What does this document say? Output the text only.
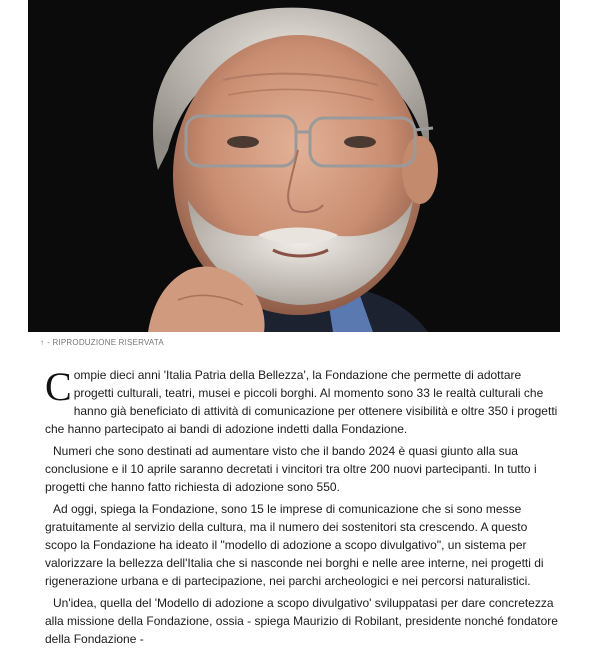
↑ - RIPRODUZIONE RISERVATA

Compie dieci anni 'Italia Patria della Bellezza', la Fondazione che permette di adottare progetti culturali, teatri, musei e piccoli borghi. Al momento sono 33 le realtà culturali che hanno già beneficiato di attività di comunicazione per ottenere visibilità e oltre 350 i progetti che hanno partecipato ai bandi di adozione indetti dalla Fondazione.

Numeri che sono destinati ad aumentare visto che il bando 2024 è quasi giunto alla sua conclusione e il 10 aprile saranno decretati i vincitori tra oltre 200 nuovi partecipanti. In tutto i progetti che hanno fatto richiesta di adozione sono 550.

Ad oggi, spiega la Fondazione, sono 15 le imprese di comunicazione che si sono messe gratuitamente al servizio della cultura, ma il numero dei sostenitori sta crescendo. A questo scopo la Fondazione ha ideato il "modello di adozione a scopo divulgativo", un sistema per valorizzare la bellezza dell'Italia che si nasconde nei borghi e nelle aree interne, nei progetti di rigenerazione urbana e di partecipazione, nei parchi archeologici e nei percorsi naturalistici.

Un'idea, quella del 'Modello di adozione a scopo divulgativo' sviluppatasi per dare concretezza alla missione della Fondazione, ossia - spiega Maurizio di Robilant, presidente nonché fondatore della Fondazione -
